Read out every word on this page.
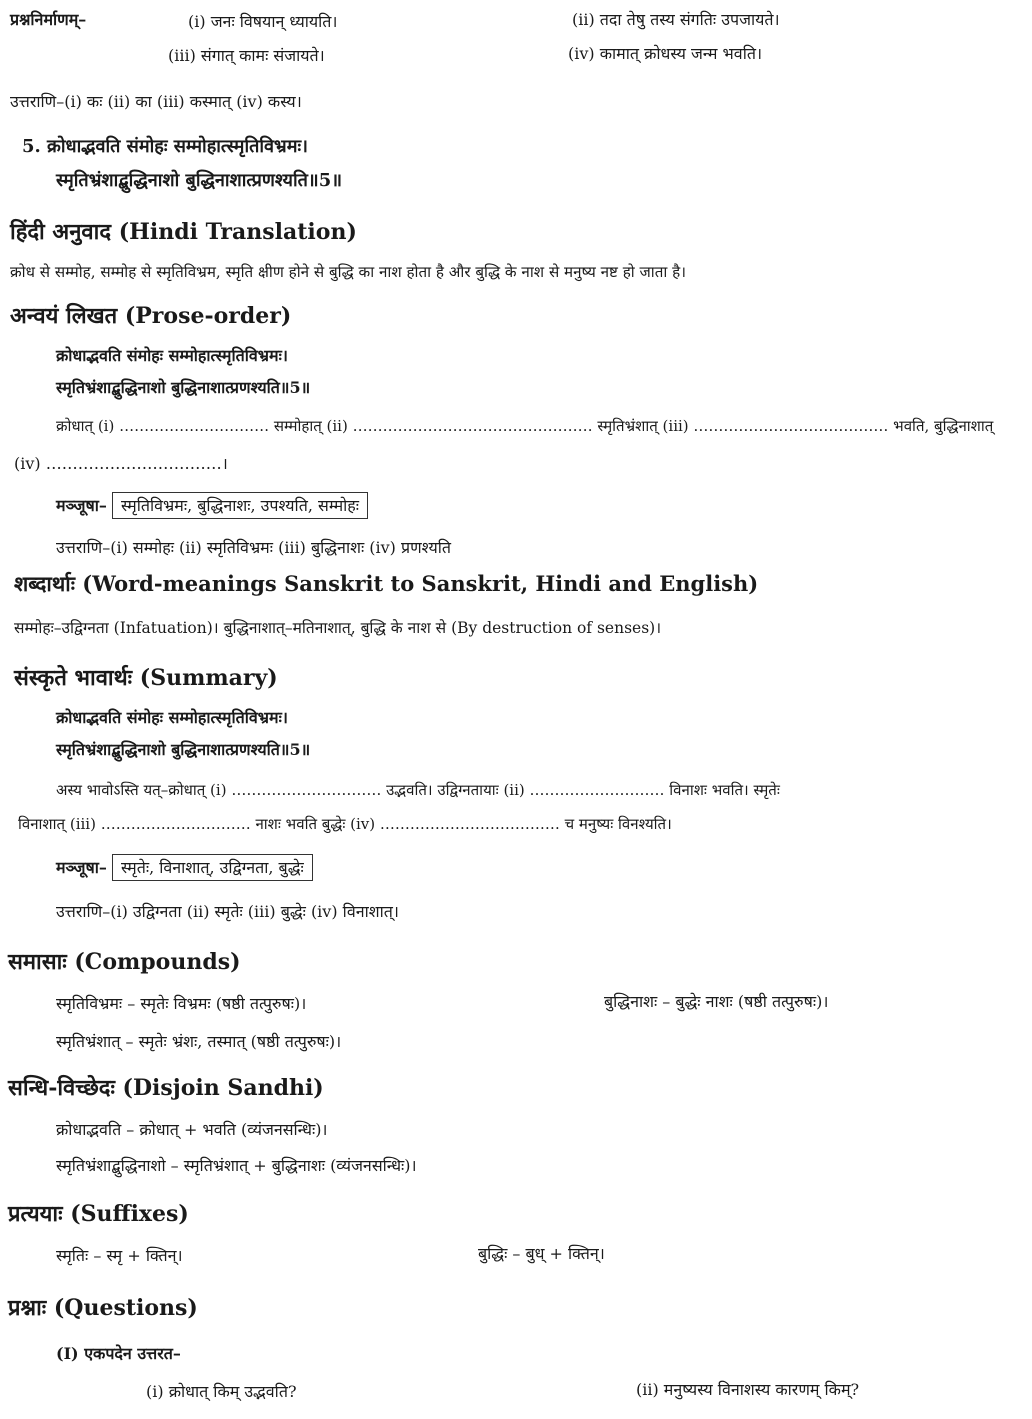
प्रश्ननिर्माणम्–	(i) जनः विषयान् ध्यायति।	(ii) तदा तेषु तस्य संगतिः उपजायते।
(iii) संगात् कामः संजायते।	(iv) कामात् क्रोधस्य जन्म भवति।
उत्तराणि–(i) कः (ii) का (iii) कस्मात् (iv) कस्य।
5. क्रोधाद्भवति संमोहः सम्मोहात्स्मृतिविभ्रमः।
स्मृतिभ्रंशाद्बुद्धिनाशो बुद्धिनाशात्प्रणश्यति॥5॥
हिंदी अनुवाद (Hindi Translation)
क्रोध से सम्मोह, सम्मोह से स्मृतिविभ्रम, स्मृति क्षीण होने से बुद्धि का नाश होता है और बुद्धि के नाश से मनुष्य नष्ट हो जाता है।
अन्वयं लिखत (Prose-order)
क्रोधाद्भवति संमोहः सम्मोहात्स्मृतिविभ्रमः।
स्मृतिभ्रंशाद्बुद्धिनाशो बुद्धिनाशात्प्रणश्यति॥5॥
क्रोधात् (i) ………………………… सम्मोहात् (ii) ………………………………………… स्मृतिभ्रंशात् (iii) ………………………………… भवति, बुद्धिनाशात्
(iv) ……………………………।
मञ्जूषा– स्मृतिविभ्रमः, बुद्धिनाशः, उपश्यति, सम्मोहः
उत्तराणि–(i) सम्मोहः (ii) स्मृतिविभ्रमः (iii) बुद्धिनाशः (iv) प्रणश्यति
शब्दार्थाः (Word-meanings Sanskrit to Sanskrit, Hindi and English)
सम्मोहः–उद्विग्नता (Infatuation)। बुद्धिनाशात्–मतिनाशात्, बुद्धि के नाश से (By destruction of senses)।
संस्कृते भावार्थः (Summary)
क्रोधाद्भवति संमोहः सम्मोहात्स्मृतिविभ्रमः।
स्मृतिभ्रंशाद्बुद्धिनाशो बुद्धिनाशात्प्रणश्यति॥5॥
अस्य भावोऽस्ति यत्–क्रोधात् (i) ………………………… उद्भवति। उद्विग्नतायाः (ii) ……………………… विनाशः भवति। स्मृतेः
विनाशात् (iii) ………………………… नाशः भवति बुद्धेः (iv) ……………………………… च मनुष्यः विनश्यति।
मञ्जूषा– स्मृतेः, विनाशात्, उद्विग्नता, बुद्धेः
उत्तराणि–(i) उद्विग्नता (ii) स्मृतेः (iii) बुद्धेः (iv) विनाशात्।
समासाः (Compounds)
स्मृतिविभ्रमः – स्मृतेः विभ्रमः (षष्ठी तत्पुरुषः)।	बुद्धिनाशः – बुद्धेः नाशः (षष्ठी तत्पुरुषः)।
स्मृतिभ्रंशात् – स्मृतेः भ्रंशः, तस्मात् (षष्ठी तत्पुरुषः)।
सन्धि-विच्छेदः (Disjoin Sandhi)
क्रोधाद्भवति – क्रोधात् + भवति (व्यंजनसन्धिः)।
स्मृतिभ्रंशाद्बुद्धिनाशो – स्मृतिभ्रंशात् + बुद्धिनाशः (व्यंजनसन्धिः)।
प्रत्ययाः (Suffixes)
स्मृतिः – स्मृ + क्तिन्।	बुद्धिः – बुध् + क्तिन्।
प्रश्नाः (Questions)
(I) एकपदेन उत्तरत–
(i) क्रोधात् किम् उद्भवति?	(ii) मनुष्यस्य विनाशस्य कारणम् किम्?
